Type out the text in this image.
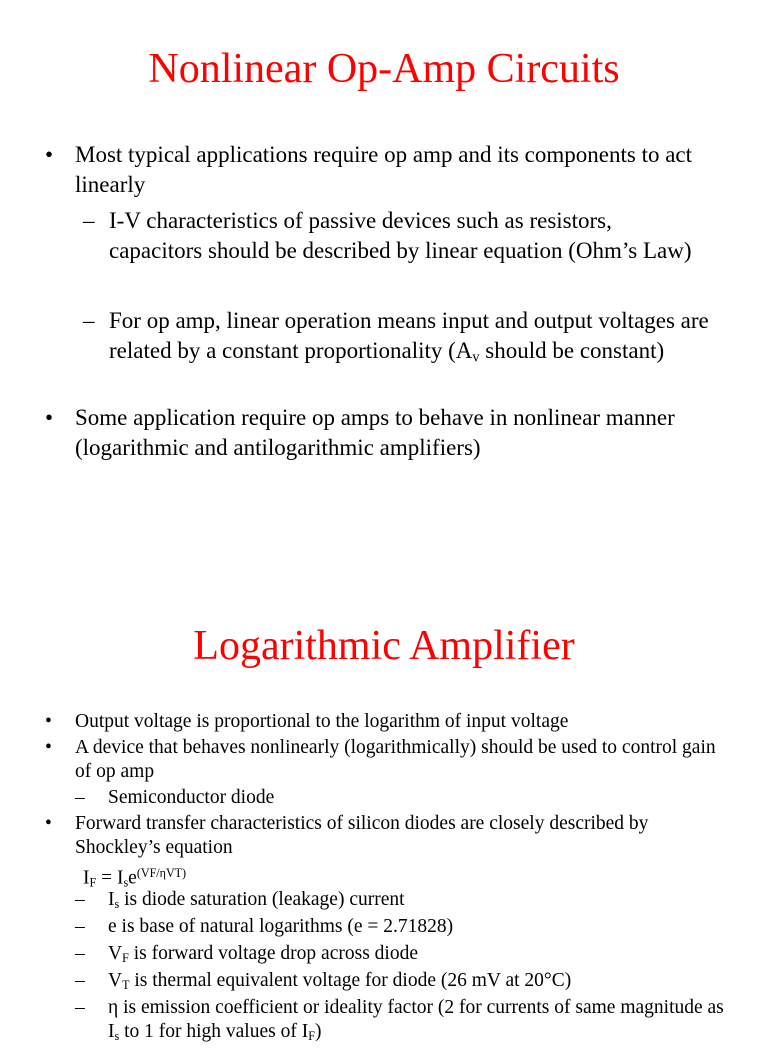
Nonlinear Op-Amp Circuits
• Most typical applications require op amp and its components to act linearly
– I-V characteristics of passive devices such as resistors, capacitors should be described by linear equation (Ohm’s Law)
– For op amp, linear operation means input and output voltages are related by a constant proportionality ($A_v$ should be constant)
• Some application require op amps to behave in nonlinear manner (logarithmic and antilogarithmic amplifiers)
Logarithmic Amplifier
• Output voltage is proportional to the logarithm of input voltage
• A device that behaves nonlinearly (logarithmically) should be used to control gain of op amp
– Semiconductor diode
• Forward transfer characteristics of silicon diodes are closely described by Shockley’s equation
$I_F = I_se^{(VF/\eta VT)}$
– $I_s$ is diode saturation (leakage) current
– e is base of natural logarithms (e = 2.71828)
– $V_F$ is forward voltage drop across diode
– $V_T$ is thermal equivalent voltage for diode (26 mV at 20°C)
– η is emission coefficient or ideality factor (2 for currents of same magnitude as $I_s$ to 1 for high values of $I_F$)
